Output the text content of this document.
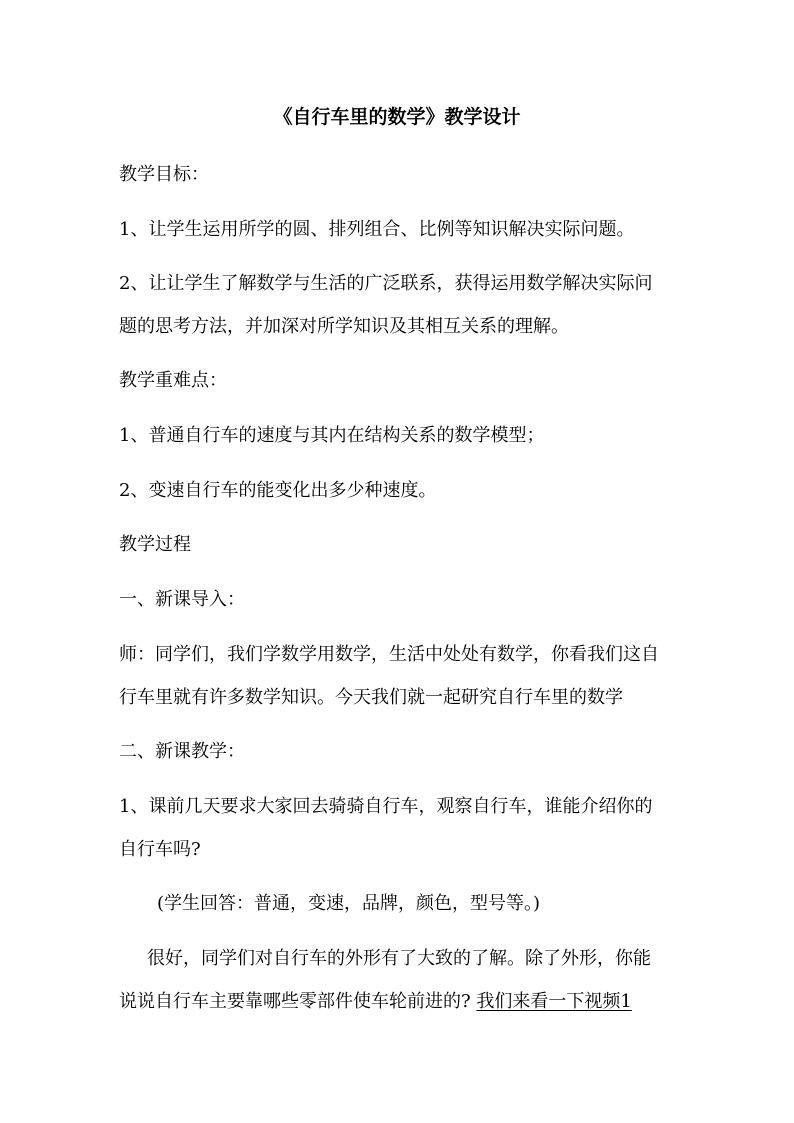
《自行车里的数学》教学设计
教学目标：
1、让学生运用所学的圆、排列组合、比例等知识解决实际问题。
2、让让学生了解数学与生活的广泛联系，获得运用数学解决实际问
题的思考方法，并加深对所学知识及其相互关系的理解。
教学重难点：
1、普通自行车的速度与其内在结构关系的数学模型；
2、变速自行车的能变化出多少种速度。
教学过程
一、新课导入：
师：同学们，我们学数学用数学，生活中处处有数学，你看我们这自
行车里就有许多数学知识。今天我们就一起研究自行车里的数学
二、新课教学：
1、课前几天要求大家回去骑骑自行车，观察自行车，谁能介绍你的
自行车吗?
(学生回答：普通，变速，品牌，颜色，型号等。)
很好，同学们对自行车的外形有了大致的了解。除了外形，你能
说说自行车主要靠哪些零部件使车轮前进的? 我们来看一下视频1
